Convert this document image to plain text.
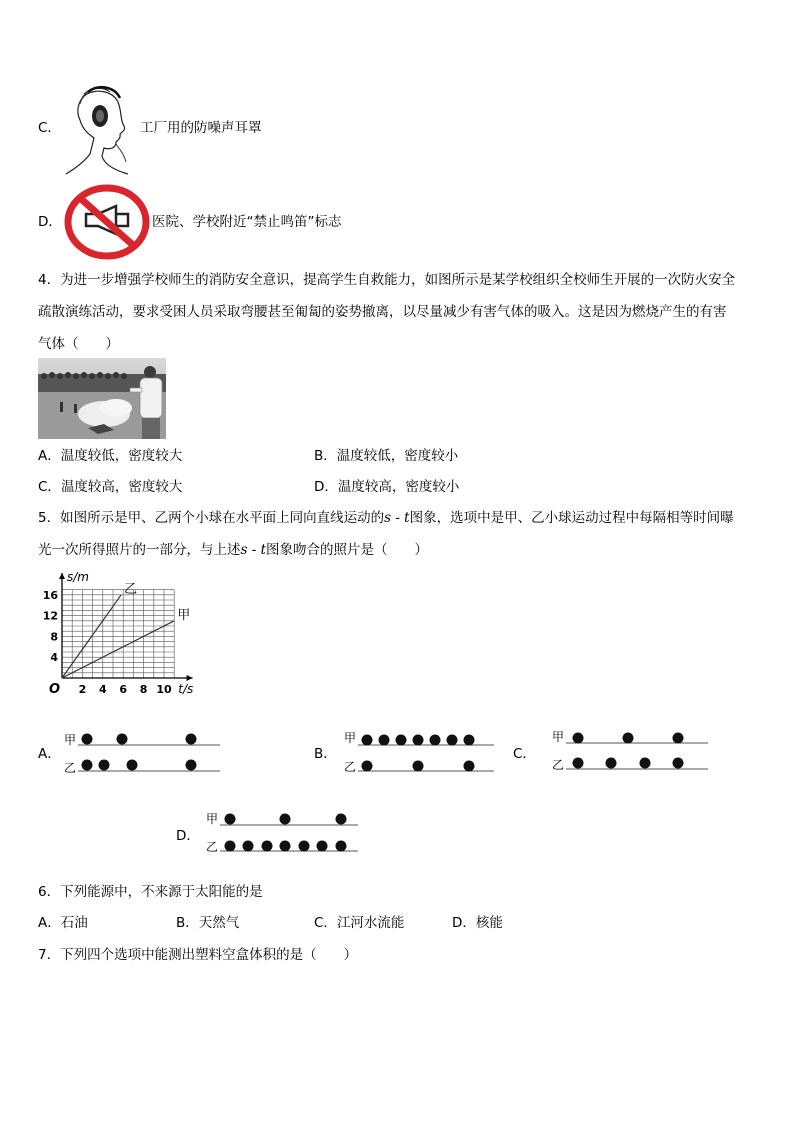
C．	工厂用的防噪声耳罩
D．	医院、学校附近“禁止鸣笛”标志
4．为进一步增强学校师生的消防安全意识，提高学生自救能力，如图所示是某学校组织全校师生开展的一次防火安全
疏散演练活动，要求受困人员采取弯腰甚至匍匐的姿势撤离，以尽量减少有害气体的吸入。这是因为燃烧产生的有害
气体（　　）
A．温度较低，密度较大	B．温度较低，密度较小
C．温度较高，密度较大	D．温度较高，密度较小
5．如图所示是甲、乙两个小球在水平面上同向直线运动的s - t图象，选项中是甲、乙小球运动过程中每隔相等时间曝
光一次所得照片的一部分，与上述s - t图象吻合的照片是（　　）
2 4 6 8 10
4
8
12
16	乙
甲
s/m
t/s
O
A．
甲
乙
B．
甲
乙
C．
甲
乙
D．
甲
乙
6．下列能源中，不来源于太阳能的是
A．石油	B．天然气	C．江河水流能	D．核能
7．下列四个选项中能测出塑料空盒体积的是（　　）
